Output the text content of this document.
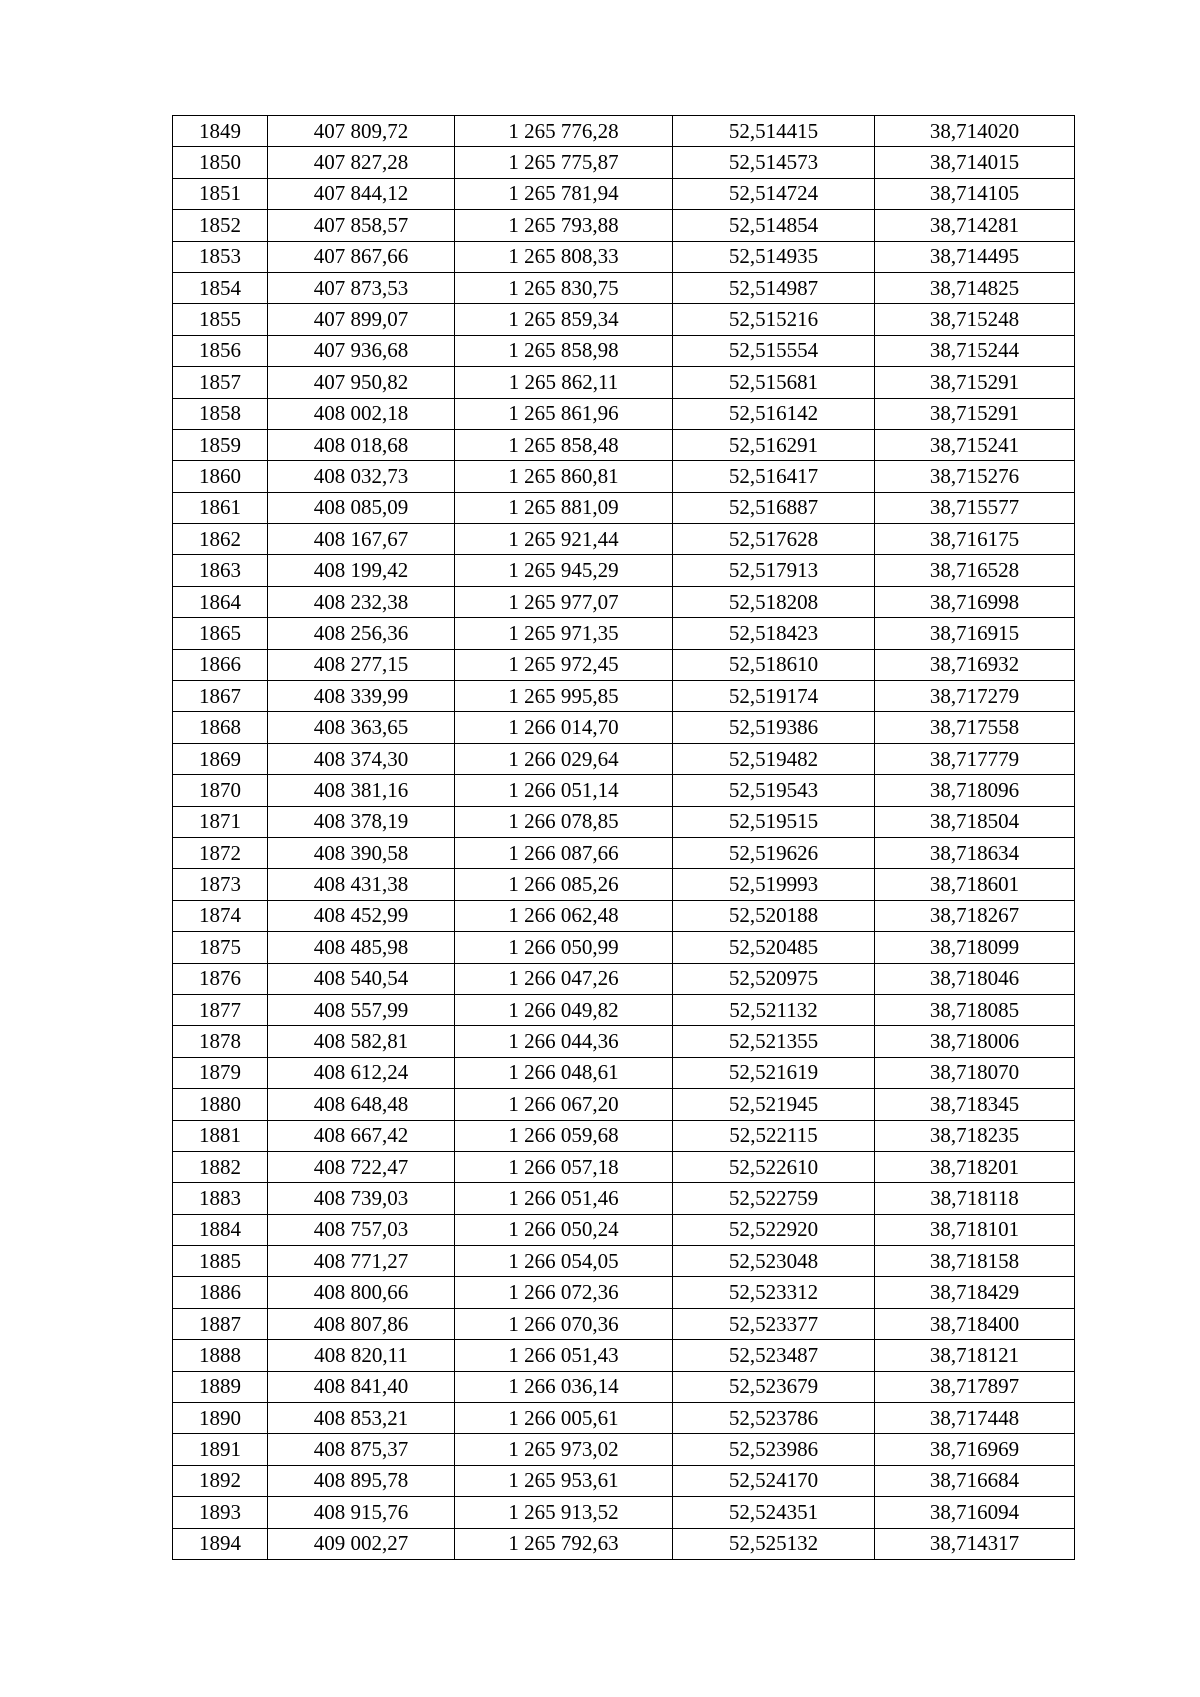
1849	407 809,72	1 265 776,28	52,514415	38,714020
1850	407 827,28	1 265 775,87	52,514573	38,714015
1851	407 844,12	1 265 781,94	52,514724	38,714105
1852	407 858,57	1 265 793,88	52,514854	38,714281
1853	407 867,66	1 265 808,33	52,514935	38,714495
1854	407 873,53	1 265 830,75	52,514987	38,714825
1855	407 899,07	1 265 859,34	52,515216	38,715248
1856	407 936,68	1 265 858,98	52,515554	38,715244
1857	407 950,82	1 265 862,11	52,515681	38,715291
1858	408 002,18	1 265 861,96	52,516142	38,715291
1859	408 018,68	1 265 858,48	52,516291	38,715241
1860	408 032,73	1 265 860,81	52,516417	38,715276
1861	408 085,09	1 265 881,09	52,516887	38,715577
1862	408 167,67	1 265 921,44	52,517628	38,716175
1863	408 199,42	1 265 945,29	52,517913	38,716528
1864	408 232,38	1 265 977,07	52,518208	38,716998
1865	408 256,36	1 265 971,35	52,518423	38,716915
1866	408 277,15	1 265 972,45	52,518610	38,716932
1867	408 339,99	1 265 995,85	52,519174	38,717279
1868	408 363,65	1 266 014,70	52,519386	38,717558
1869	408 374,30	1 266 029,64	52,519482	38,717779
1870	408 381,16	1 266 051,14	52,519543	38,718096
1871	408 378,19	1 266 078,85	52,519515	38,718504
1872	408 390,58	1 266 087,66	52,519626	38,718634
1873	408 431,38	1 266 085,26	52,519993	38,718601
1874	408 452,99	1 266 062,48	52,520188	38,718267
1875	408 485,98	1 266 050,99	52,520485	38,718099
1876	408 540,54	1 266 047,26	52,520975	38,718046
1877	408 557,99	1 266 049,82	52,521132	38,718085
1878	408 582,81	1 266 044,36	52,521355	38,718006
1879	408 612,24	1 266 048,61	52,521619	38,718070
1880	408 648,48	1 266 067,20	52,521945	38,718345
1881	408 667,42	1 266 059,68	52,522115	38,718235
1882	408 722,47	1 266 057,18	52,522610	38,718201
1883	408 739,03	1 266 051,46	52,522759	38,718118
1884	408 757,03	1 266 050,24	52,522920	38,718101
1885	408 771,27	1 266 054,05	52,523048	38,718158
1886	408 800,66	1 266 072,36	52,523312	38,718429
1887	408 807,86	1 266 070,36	52,523377	38,718400
1888	408 820,11	1 266 051,43	52,523487	38,718121
1889	408 841,40	1 266 036,14	52,523679	38,717897
1890	408 853,21	1 266 005,61	52,523786	38,717448
1891	408 875,37	1 265 973,02	52,523986	38,716969
1892	408 895,78	1 265 953,61	52,524170	38,716684
1893	408 915,76	1 265 913,52	52,524351	38,716094
1894	409 002,27	1 265 792,63	52,525132	38,714317
